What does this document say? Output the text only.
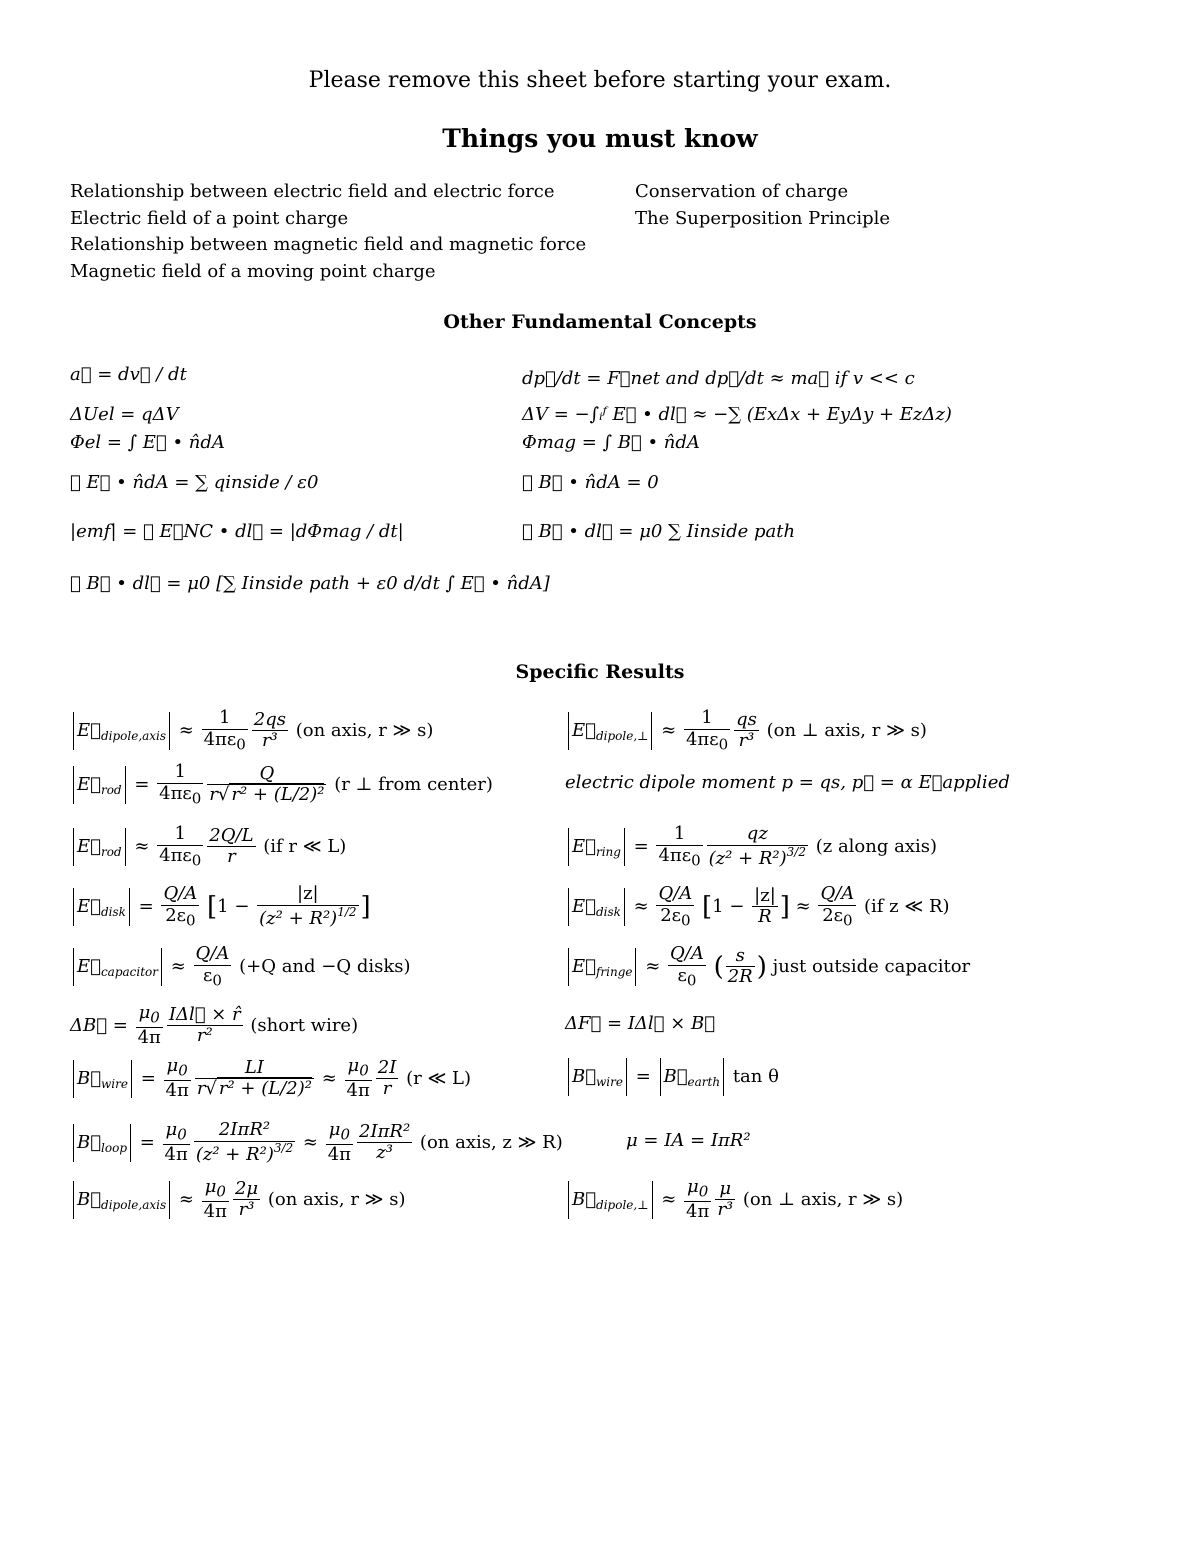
Please remove this sheet before starting your exam.
Things you must know
Relationship between electric field and electric force
Electric field of a point charge
Relationship between magnetic field and magnetic force
Magnetic field of a moving point charge
Conservation of charge
The Superposition Principle
Other Fundamental Concepts
a⃗ = dv⃗ / dt
ΔUel = qΔV
Φel = ∫ E⃗ • n̂dA
∮ E⃗ • n̂dA = ∑ qinside / ε0
|emf| = ∮ E⃗NC • dl⃗ = |dΦmag / dt|
∮ B⃗ • dl⃗ = μ0 [∑ Iinside path + ε0 d/dt ∫ E⃗ • n̂dA]
dp⃗/dt = F⃗net and dp⃗/dt ≈ ma⃗ if v << c
ΔV = −∫ᵢᶠ E⃗ • dl⃗ ≈ −∑ (ExΔx + EyΔy + EzΔz)
Φmag = ∫ B⃗ • n̂dA
∮ B⃗ • n̂dA = 0
∮ B⃗ • dl⃗ = μ0 ∑ Iinside path
Specific Results
$E⃗_{dipole,axis} \approx \frac{1}{4\pi\varepsilon_0} \frac{2qs}{\text{r³}} (on$ axis, r ≫ s)
$E⃗_{rod} = \frac{1}{4\pi\varepsilon_0} \frac{Q}{\text{r√ r² + (L/2)²}} (r$ ⊥ from center)
$E⃗_{rod} \approx \frac{1}{4\pi\varepsilon_0} \frac{2Q/L}{r} (if$ r ≪ L)
$E⃗_{disk} = \frac{Q/A}{2\varepsilon_0} [1 - \frac{|z|}{(z^2 + R^2)^{1/2}}$ ]
$E⃗_{capacitor} \approx \frac{Q/A}{\varepsilon_0} (+Q$ and −Q disks)
ΔB⃗ = $\frac{\mu_0}{4\pi} \frac{\text{IΔl⃗ × r̂}}{\text{r²}}$ (short wire)
$B⃗_{wire} = \frac{\mu_0}{4\pi} \frac{LI}{\text{r√ r² + (L/2)²}} \approx \frac{\mu_0}{4\pi} \frac{2I}{r} (r$ ≪ L)
$B⃗_{loop} = \frac{\mu_0}{4\pi} \frac{\text{2IπR²}}{(z^2 + R^2)^{3/2}} \approx \frac{\mu_0}{4\pi} \frac{\text{2IπR²}}{\text{z³}} (on$ axis, z ≫ R)
$B⃗_{dipole,axis} \approx \frac{\mu_0}{4\pi} \frac{2\mu}{\text{r³}} (on$ axis, r ≫ s)
$E⃗_{dipole,\perp} \approx \frac{1}{4\pi\varepsilon_0} \frac{qs}{\text{r³}} (on$ ⊥ axis, r ≫ s)
electric dipole moment p = qs, p⃗ = α E⃗applied
$E⃗_{ring} = \frac{1}{4\pi\varepsilon_0} \frac{qz}{(z^2 + R^2)^{3/2}} (z$ along axis)
$E⃗_{disk} \approx \frac{Q/A}{2\varepsilon_0} [1 - \frac{|z|}{R}$ ] ≈ $\frac{Q/A}{2\varepsilon_0} (if$ z ≪ R)
$E⃗_{fringe} \approx \frac{Q/A}{\varepsilon_0}$ ( $\frac{s}{2R}$ ) just outside capacitor
ΔF⃗ = IΔl⃗ × B⃗
$B⃗_{wire}$ = $B⃗_{earth}$ tan θ
μ = IA = IπR²
$B⃗_{dipole,\perp} \approx \frac{\mu_0}{4\pi} \frac{\mu}{\text{r³}} (on$ ⊥ axis, r ≫ s)
